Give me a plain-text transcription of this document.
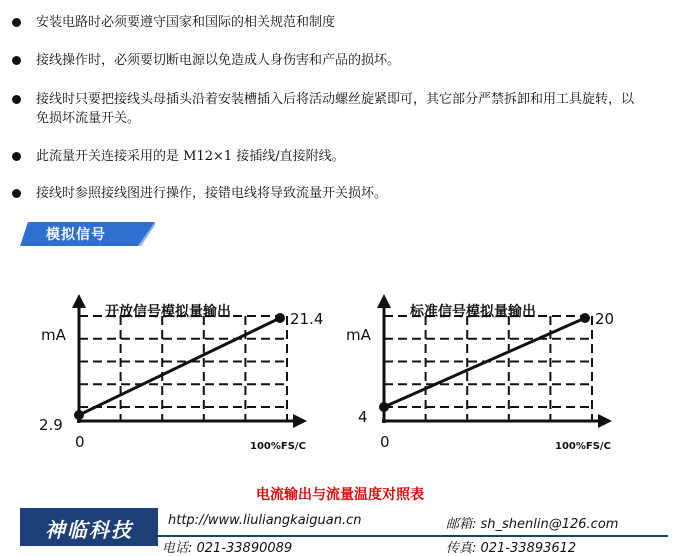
安装电路时必须要遵守国家和国际的相关规范和制度
接线操作时，必须要切断电源以免造成人身伤害和产品的损坏。
接线时只要把接线头母插头沿着安装槽插入后将活动螺丝旋紧即可，其它部分严禁拆卸和用工具旋转，以免损坏流量开关。
此流量开关连接采用的是 M12×1 接插线/直接附线。
接线时参照接线图进行操作，接错电线将导致流量开关损坏。
模拟信号
开放信号模拟量输出
mA
21.4
2.9
0	100%FS/C
标准信号模拟量输出
mA
20
4
0	100%FS/C
电流输出与流量温度对照表
神临科技	http://www.liuliangkaiguan.cn	邮箱: sh_shenlin@126.com
电话: 021-33890089	传真: 021-33893612
